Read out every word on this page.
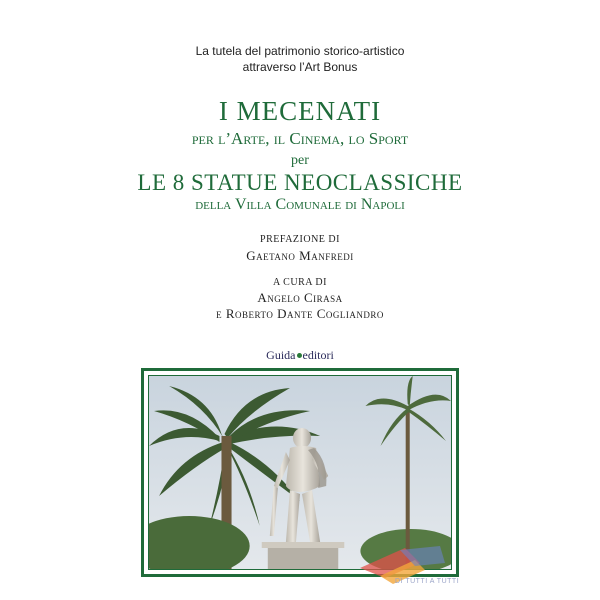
La tutela del patrimonio storico-artistico
attraverso l’Art Bonus
I MECENATI
per l’Arte, il Cinema, lo Sport
per
LE 8 STATUE NEOCLASSICHE
della Villa Comunale di Napoli
PREFAZIONE DI
Gaetano Manfredi
A CURA DI
Angelo Cirasa
e Roberto Dante Cogliandro
Guida editori
DI TUTTI A TUTTI
